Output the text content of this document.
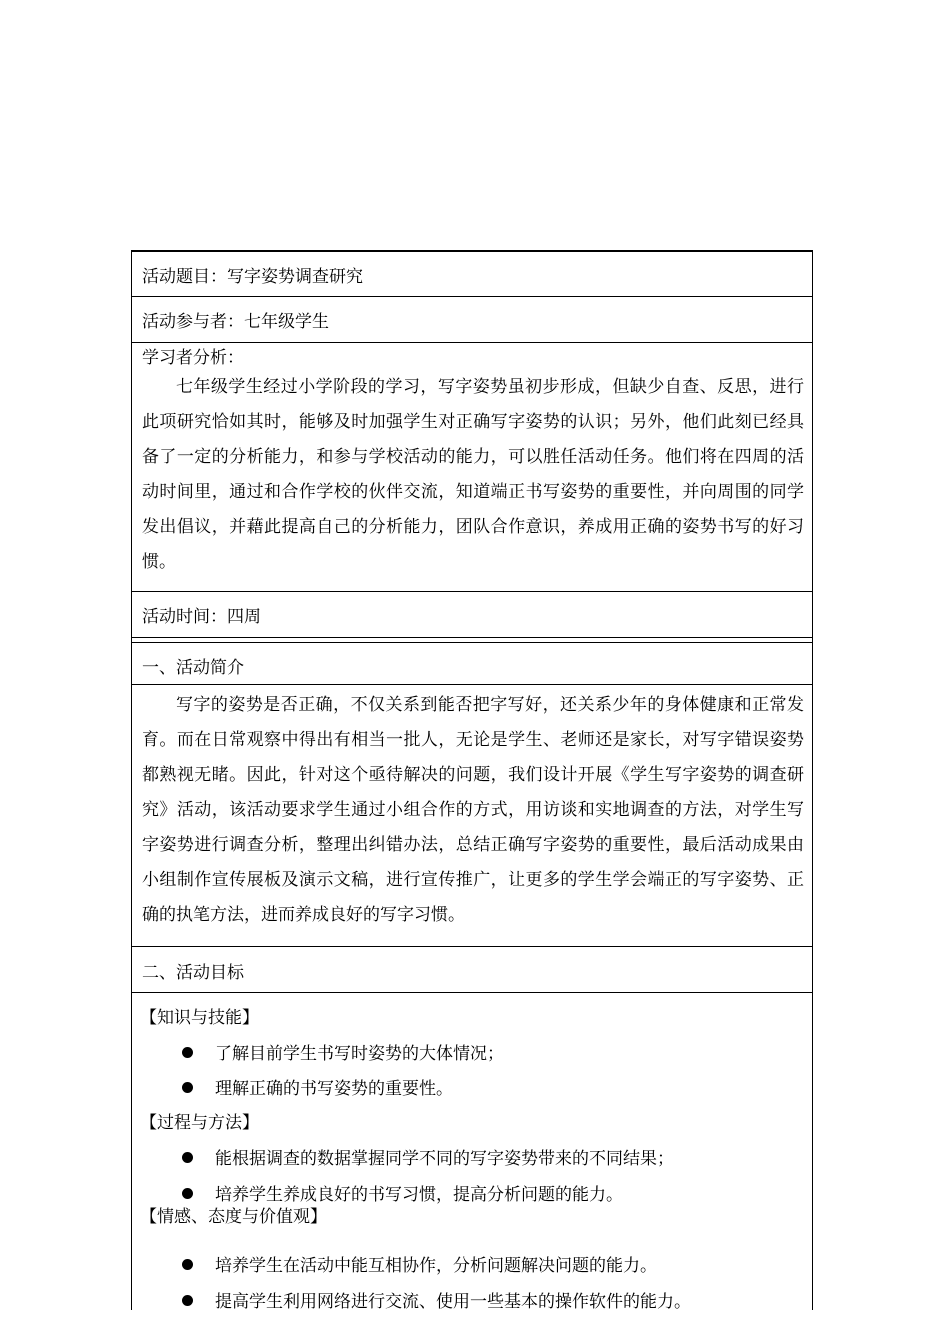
活动题目：写字姿势调查研究
活动参与者：七年级学生
学习者分析：

七年级学生经过小学阶段的学习，写字姿势虽初步形成，但缺少自查、反思，进行此项研究恰如其时，能够及时加强学生对正确写字姿势的认识；另外，他们此刻已经具备了一定的分析能力，和参与学校活动的能力，可以胜任活动任务。他们将在四周的活动时间里，通过和合作学校的伙伴交流，知道端正书写姿势的重要性，并向周围的同学发出倡议，并藉此提高自己的分析能力，团队合作意识，养成用正确的姿势书写的好习惯。

活动时间：四周
一、活动简介

写字的姿势是否正确，不仅关系到能否把字写好，还关系少年的身体健康和正常发育。而在日常观察中得出有相当一批人，无论是学生、老师还是家长，对写字错误姿势都熟视无睹。因此，针对这个亟待解决的问题，我们设计开展《学生写字姿势的调查研究》活动，该活动要求学生通过小组合作的方式，用访谈和实地调查的方法，对学生写字姿势进行调查分析，整理出纠错办法，总结正确写字姿势的重要性，最后活动成果由小组制作宣传展板及演示文稿，进行宣传推广，让更多的学生学会端正的写字姿势、正确的执笔方法，进而养成良好的写字习惯。

二、活动目标
【知识与技能】
了解目前学生书写时姿势的大体情况；
理解正确的书写姿势的重要性。
【过程与方法】
能根据调查的数据掌握同学不同的写字姿势带来的不同结果；
培养学生养成良好的书写习惯，提高分析问题的能力。
【情感、态度与价值观】
培养学生在活动中能互相协作，分析问题解决问题的能力。
提高学生利用网络进行交流、使用一些基本的操作软件的能力。
